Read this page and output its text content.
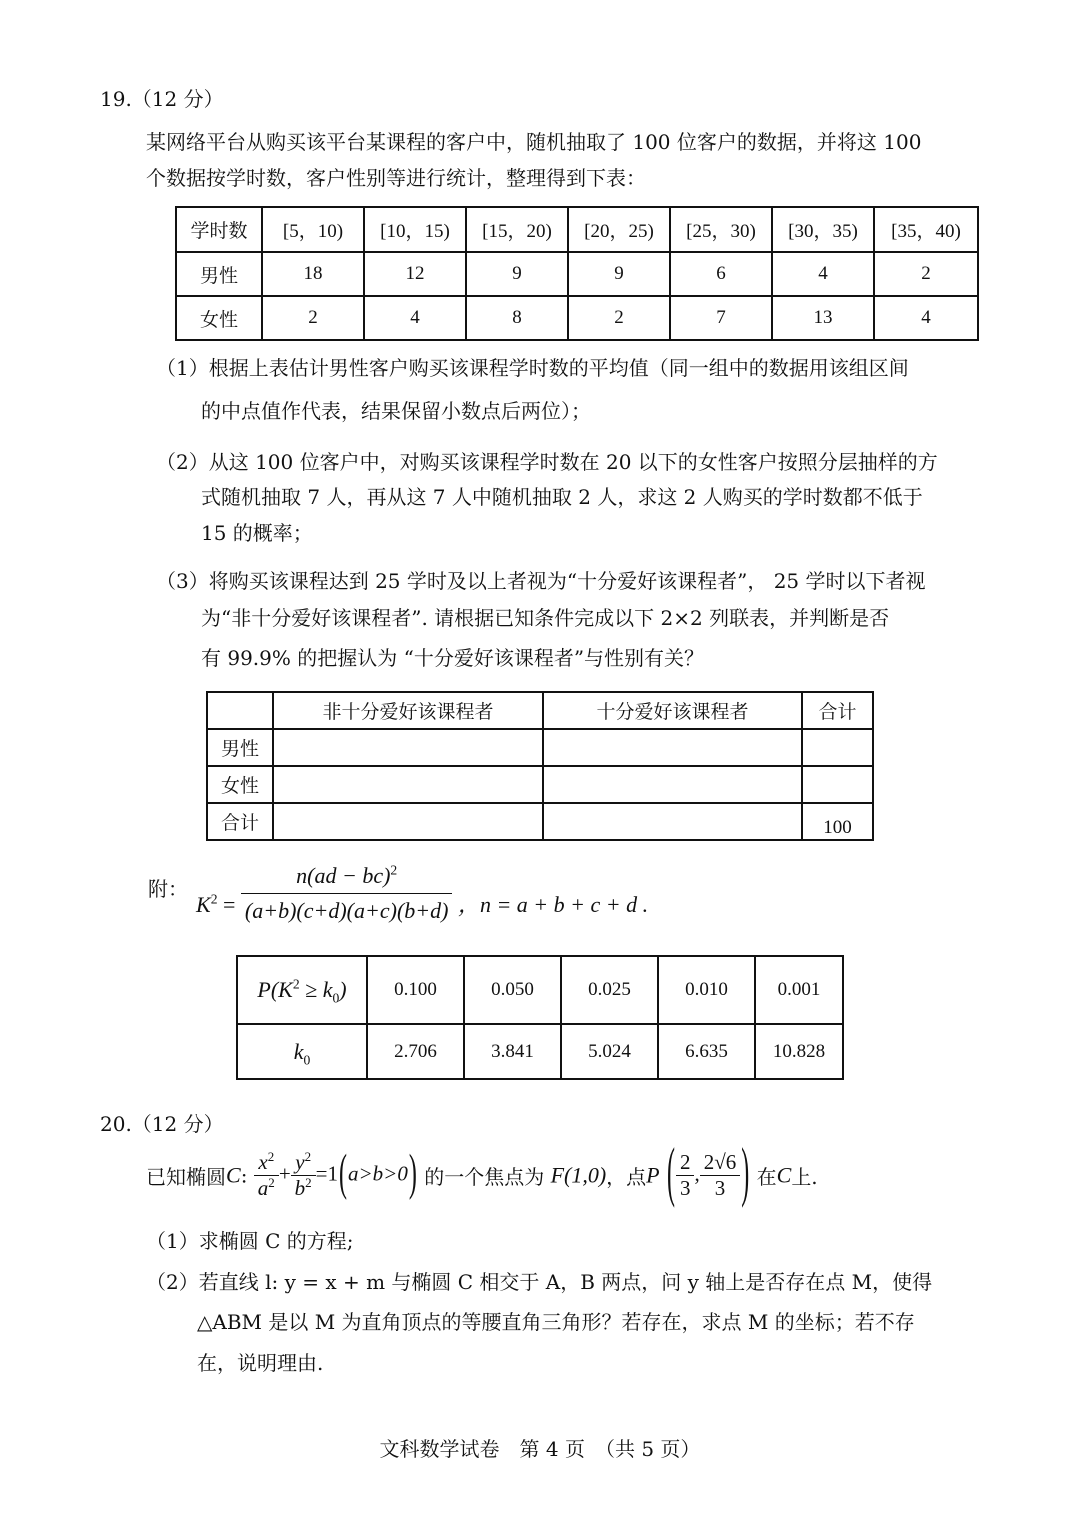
19.（12 分）
某网络平台从购买该平台某课程的客户中，随机抽取了 100 位客户的数据，并将这 100
个数据按学时数，客户性别等进行统计，整理得到下表：
学时数	[5，10)	[10，15)	[15，20)	[20，25)	[25，30)	[30，35)	[35，40)
男性	18	12	9	9	6	4	2
女性	2	4	8	2	7	13	4
（1）根据上表估计男性客户购买该课程学时数的平均值（同一组中的数据用该组区间
的中点值作代表，结果保留小数点后两位）；
（2）从这 100 位客户中，对购买该课程学时数在 20 以下的女性客户按照分层抽样的方
式随机抽取 7 人，再从这 7 人中随机抽取 2 人，求这 2 人购买的学时数都不低于
15 的概率；
（3）将购买该课程达到 25 学时及以上者视为“十分爱好该课程者”， 25 学时以下者视
为“非十分爱好该课程者”. 请根据已知条件完成以下 2×2 列联表，并判断是否
有 99.9% 的把握认为 “十分爱好该课程者”与性别有关？
	非十分爱好该课程者	十分爱好该课程者	合计
男性			
女性			
合计			100
附：
$K^2 = \frac{n(ad - bc)^2}{(a+b)(c+d)(a+c)(b+d)}$ ，n = a + b + c + d .
$P(K^2 \ge k_0)$	0.100	0.050	0.025	0.010	0.001
$k_0$	2.706	3.841	5.024	6.635	10.828
20.（12 分）
已知椭圆C: $\frac{x^2}{a^2} + \frac{y^2}{b^2} =1(a>b>0)$ 的一个焦点为 F(1,0)，点P ( $\frac{2}{3}$ , $\frac{2√6}{3}$ ) 在C上.
（1）求椭圆 C 的方程;
（2）若直线 l: y = x + m 与椭圆 C 相交于 A，B 两点，问 y 轴上是否存在点 M，使得
△ABM 是以 M 为直角顶点的等腰直角三角形？若存在，求点 M 的坐标；若不存
在，说明理由.
文科数学试卷　第 4 页　（共 5 页）
